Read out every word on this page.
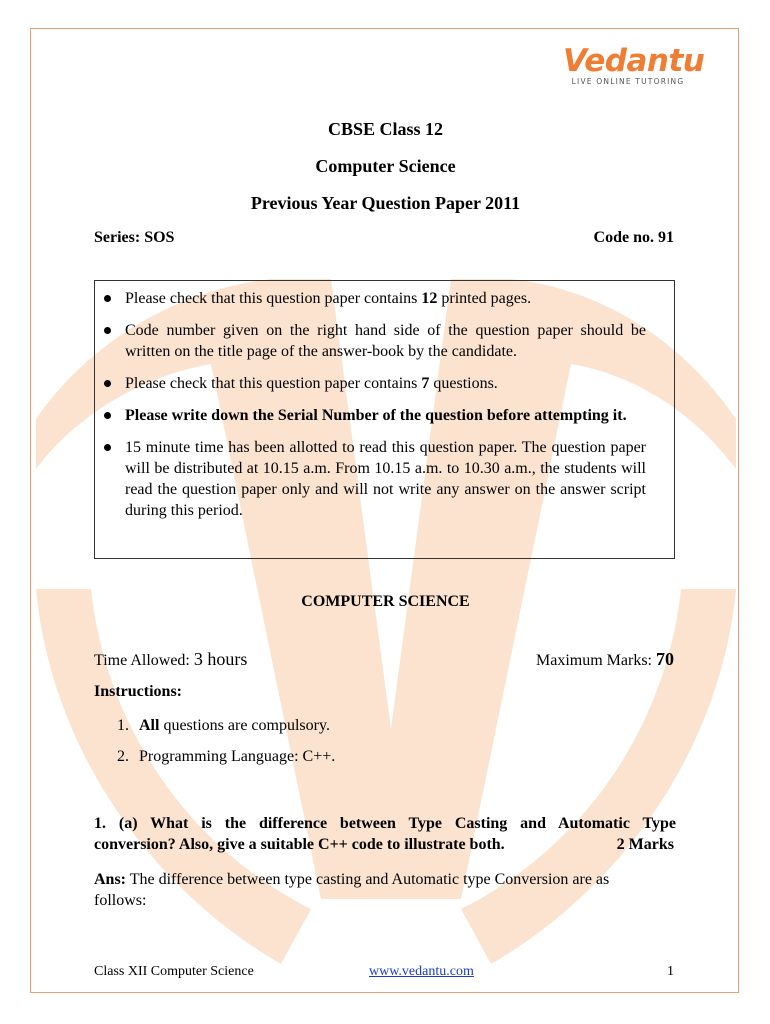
Vedantu
LIVE ONLINE TUTORING
CBSE Class 12
Computer Science
Previous Year Question Paper 2011
Series: SOS	Code no. 91
Please check that this question paper contains 12 printed pages.
Code number given on the right hand side of the question paper should be written on the title page of the answer-book by the candidate.
Please check that this question paper contains 7 questions.
Please write down the Serial Number of the question before attempting it.
15 minute time has been allotted to read this question paper. The question paper will be distributed at 10.15 a.m. From 10.15 a.m. to 10.30 a.m., the students will read the question paper only and will not write any answer on the answer script during this period.
COMPUTER SCIENCE
Time Allowed: 3 hours	Maximum Marks: 70
Instructions:
1. All questions are compulsory.
2. Programming Language: C++.
1. (a) What is the difference between Type Casting and Automatic Type
conversion? Also, give a suitable C++ code to illustrate both.	2 Marks
Ans: The difference between type casting and Automatic type Conversion are as
follows:
Class XII Computer Science	www.vedantu.com	1
